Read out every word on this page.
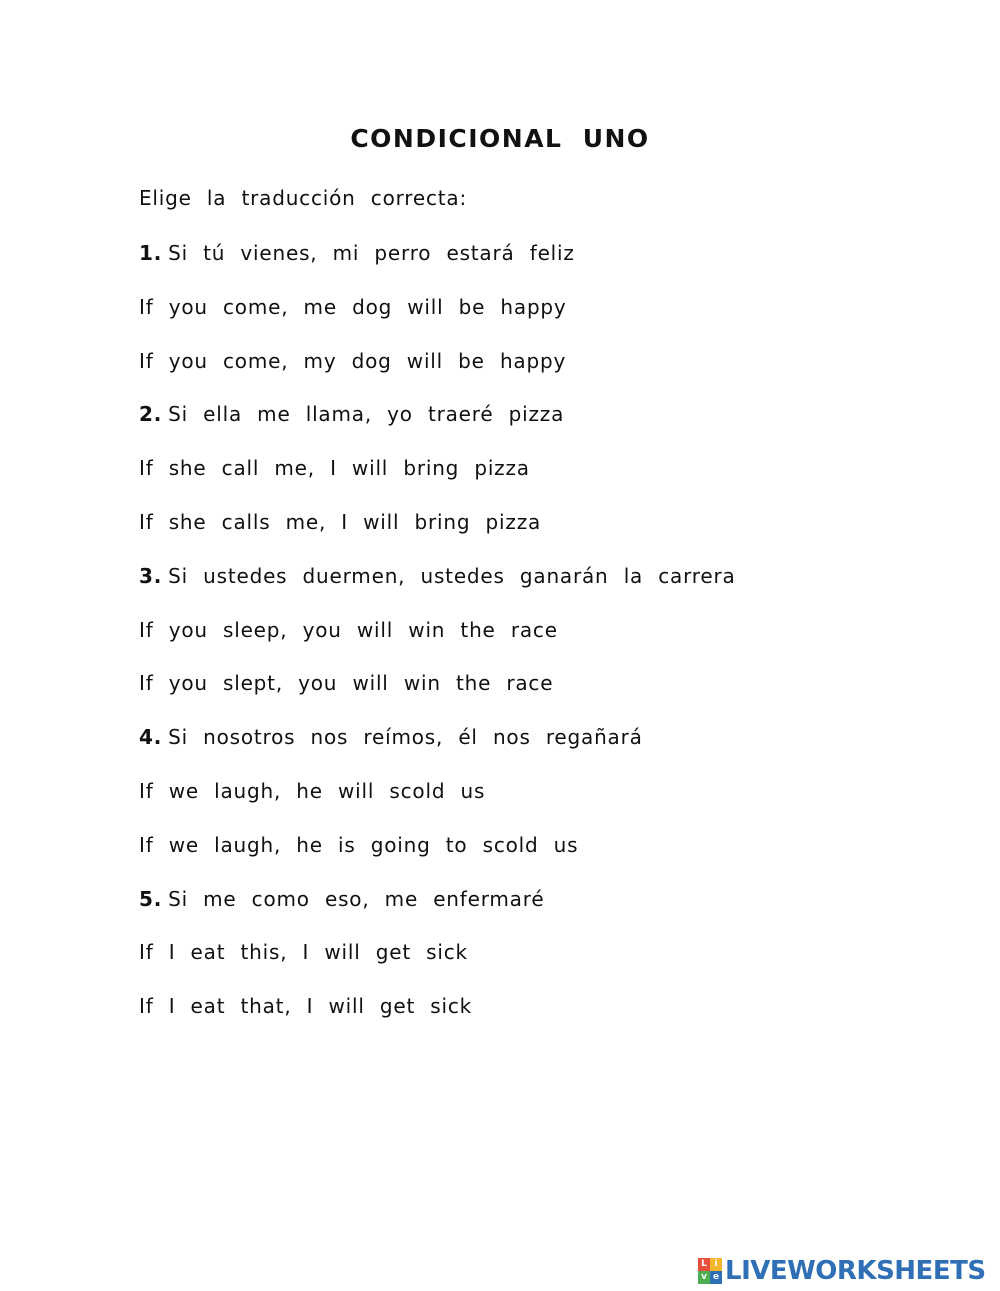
CONDICIONAL UNO
Elige la traducción correcta:
1. Si tú vienes, mi perro estará feliz
If you come, me dog will be happy
If you come, my dog will be happy
2. Si ella me llama, yo traeré pizza
If she call me, I will bring pizza
If she calls me, I will bring pizza
3. Si ustedes duermen, ustedes ganarán la carrera
If you sleep, you will win the race
If you slept, you will win the race
4. Si nosotros nos reímos, él nos regañará
If we laugh, he will scold us
If we laugh, he is going to scold us
5. Si me como eso, me enfermaré
If I eat this, I will get sick
If I eat that, I will get sick
L i
v e LIVEWORKSHEETS
